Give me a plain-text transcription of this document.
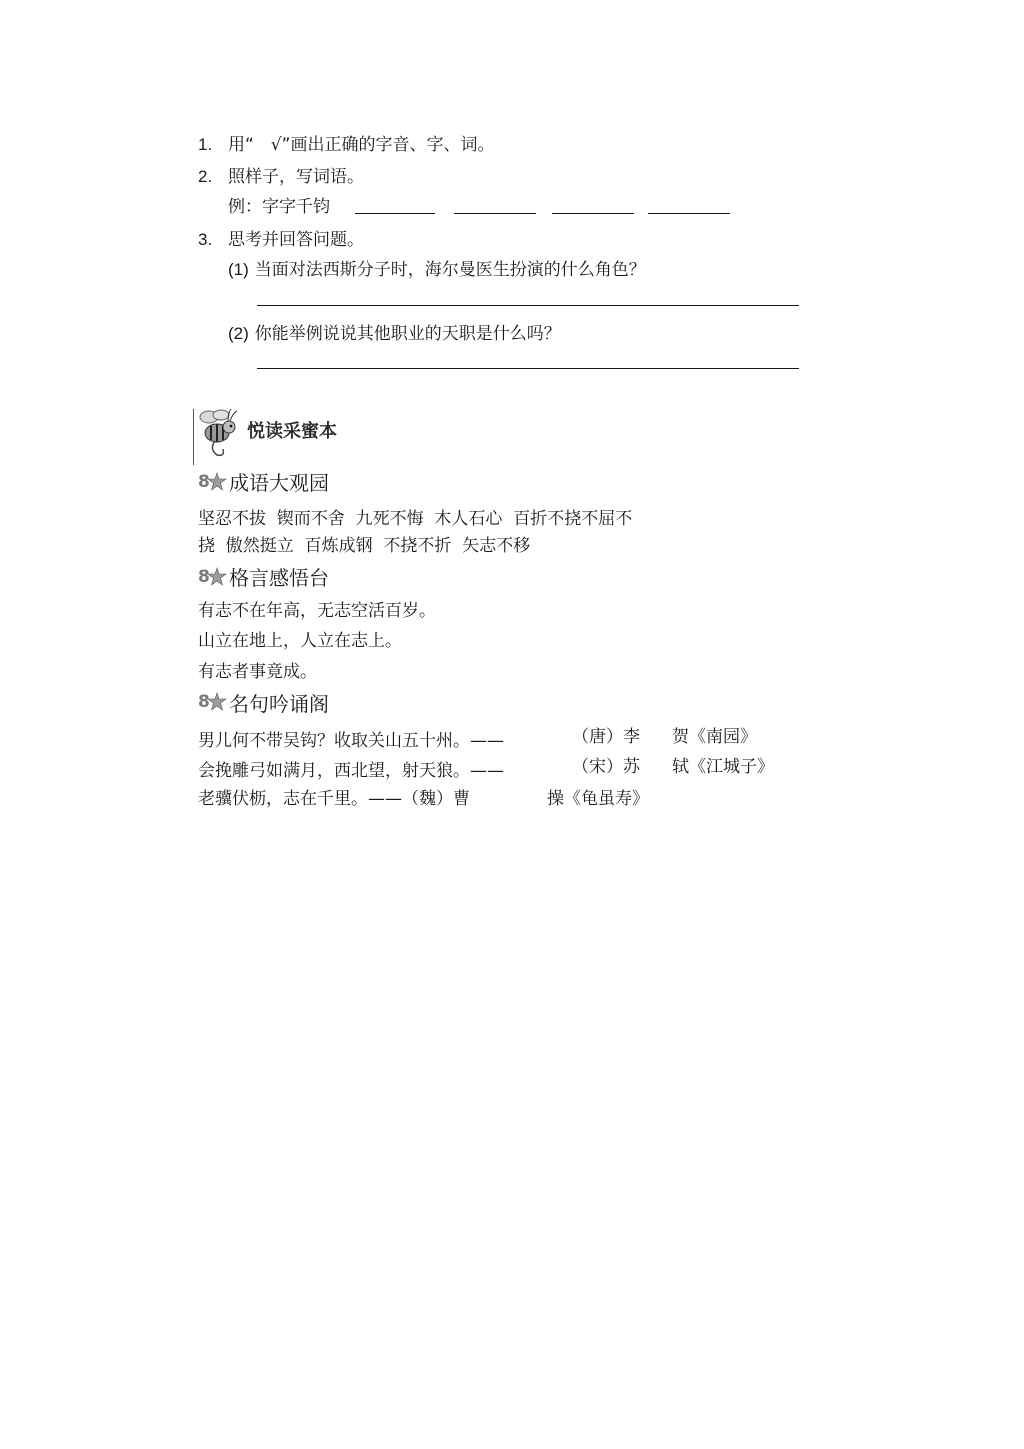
1. 用“　√”画出正确的字音、字、词。
2. 照样子，写词语。
例：字字千钧
3. 思考并回答问题。
(1) 当面对法西斯分子时，海尔曼医生扮演的什么角色？
(2) 你能举例说说其他职业的天职是什么吗？
悦读采蜜本
8 成语大观园
坚忍不拔  锲而不舍  九死不悔  木人石心  百折不挠不屈不
挠  傲然挺立  百炼成钢  不挠不折  矢志不移
8 格言感悟台
有志不在年高，无志空活百岁。
山立在地上，人立在志上。
有志者事竟成。
8 名句吟诵阁
男儿何不带吴钩？收取关山五十州。——	（唐）李 贺《南园》
会挽雕弓如满月，西北望，射天狼。——	（宋）苏 轼《江城子》
老骥伏枥，志在千里。——（魏）曹	操《龟虽寿》
